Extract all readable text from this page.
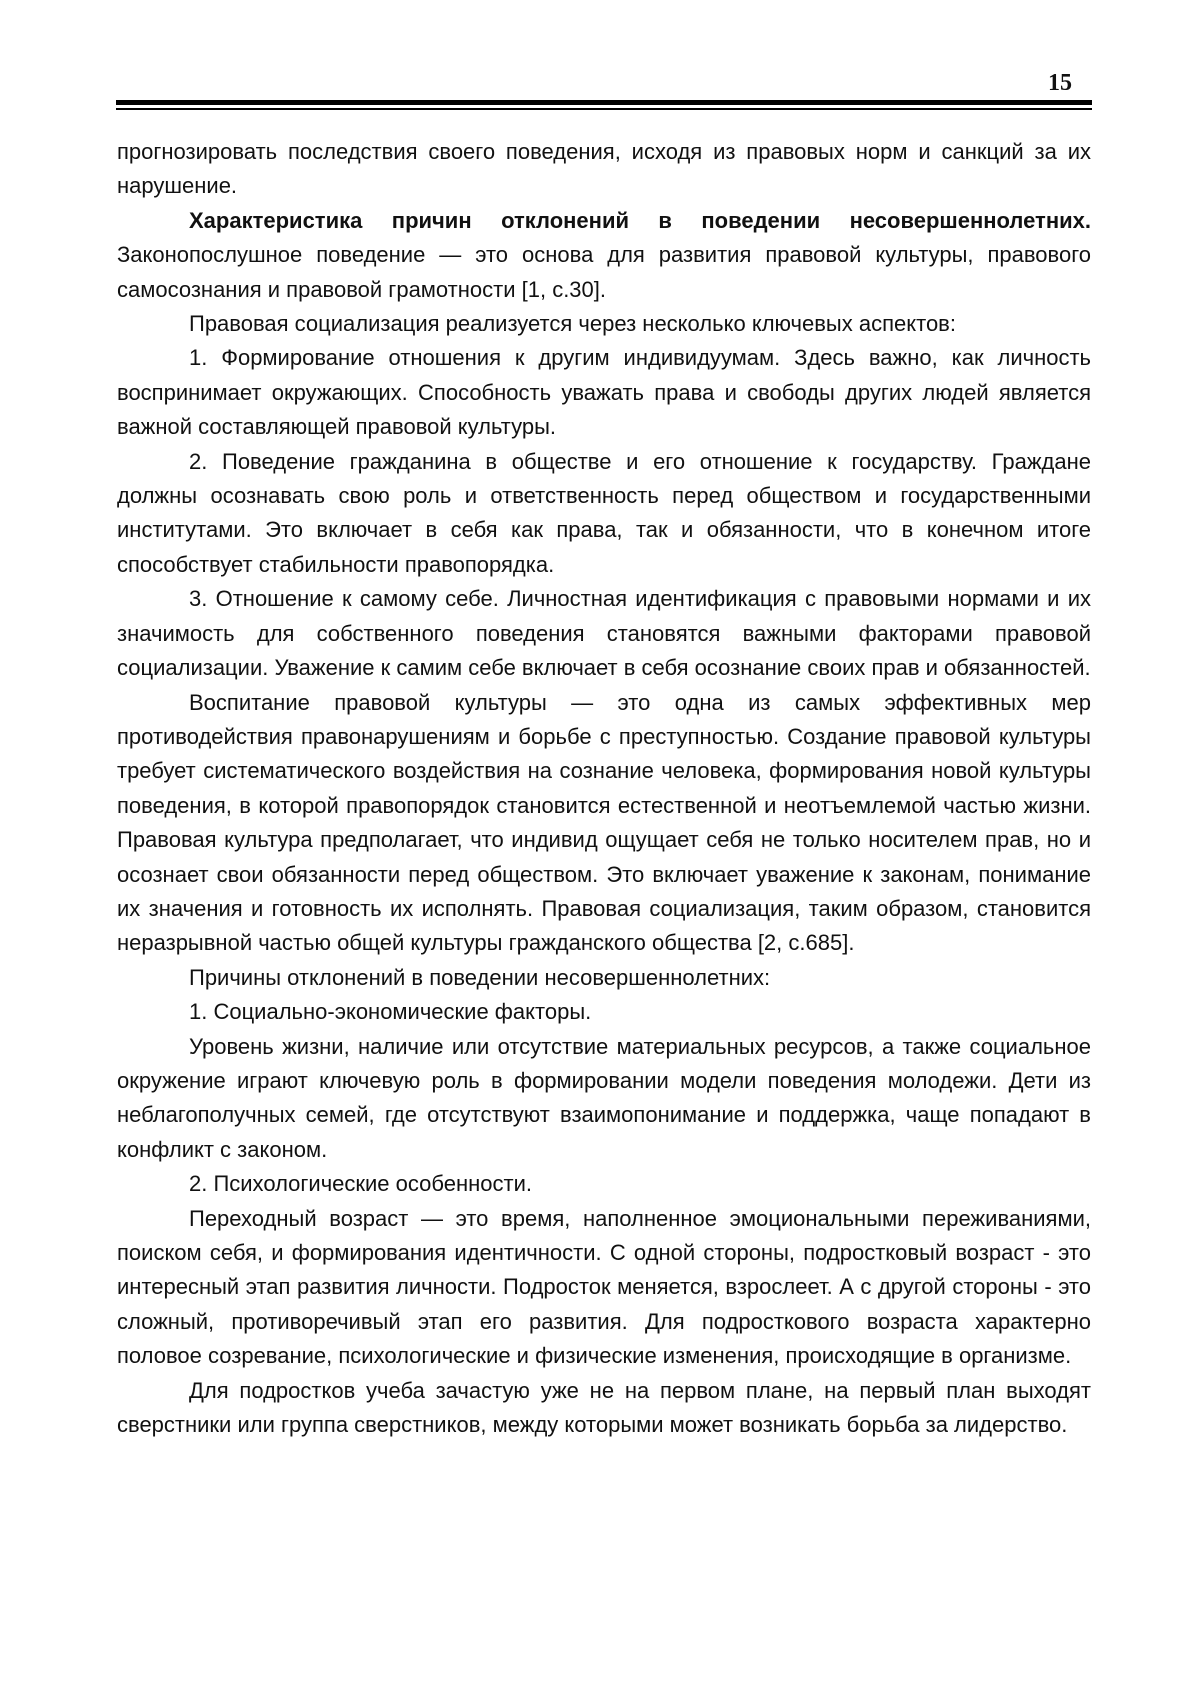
15

прогнозировать последствия своего поведения, исходя из правовых норм и санкций за их нарушение.

Характеристика причин отклонений в поведении несовершеннолетних. Законопослушное поведение — это основа для развития правовой культуры, правового самосознания и правовой грамотности [1, с.30].

Правовая социализация реализуется через несколько ключевых аспектов:

1. Формирование отношения к другим индивидуумам. Здесь важно, как личность воспринимает окружающих. Способность уважать права и свободы других людей является важной составляющей правовой культуры.

2. Поведение гражданина в обществе и его отношение к государству. Граждане должны осознавать свою роль и ответственность перед обществом и государственными институтами. Это включает в себя как права, так и обязанности, что в конечном итоге способствует стабильности правопорядка.

3. Отношение к самому себе. Личностная идентификация с правовыми нормами и их значимость для собственного поведения становятся важными факторами правовой социализации. Уважение к самим себе включает в себя осознание своих прав и обязанностей.

Воспитание правовой культуры — это одна из самых эффективных мер противодействия правонарушениям и борьбе с преступностью. Создание правовой культуры требует систематического воздействия на сознание человека, формирования новой культуры поведения, в которой правопорядок становится естественной и неотъемлемой частью жизни. Правовая культура предполагает, что индивид ощущает себя не только носителем прав, но и осознает свои обязанности перед обществом. Это включает уважение к законам, понимание их значения и готовность их исполнять. Правовая социализация, таким образом, становится неразрывной частью общей культуры гражданского общества [2, с.685].

Причины отклонений в поведении несовершеннолетних:

1. Социально-экономические факторы.

Уровень жизни, наличие или отсутствие материальных ресурсов, а также социальное окружение играют ключевую роль в формировании модели поведения молодежи. Дети из неблагополучных семей, где отсутствуют взаимопонимание и поддержка, чаще попадают в конфликт с законом.

2. Психологические особенности.

Переходный возраст — это время, наполненное эмоциональными переживаниями, поиском себя, и формирования идентичности. С одной стороны, подростковый возраст - это интересный этап развития личности. Подросток меняется, взрослеет. А с другой стороны - это сложный, противоречивый этап его развития. Для подросткового возраста характерно половое созревание, психологические и физические изменения, происходящие в организме.

Для подростков учеба зачастую уже не на первом плане, на первый план выходят сверстники или группа сверстников, между которыми может возникать борьба за лидерство.
